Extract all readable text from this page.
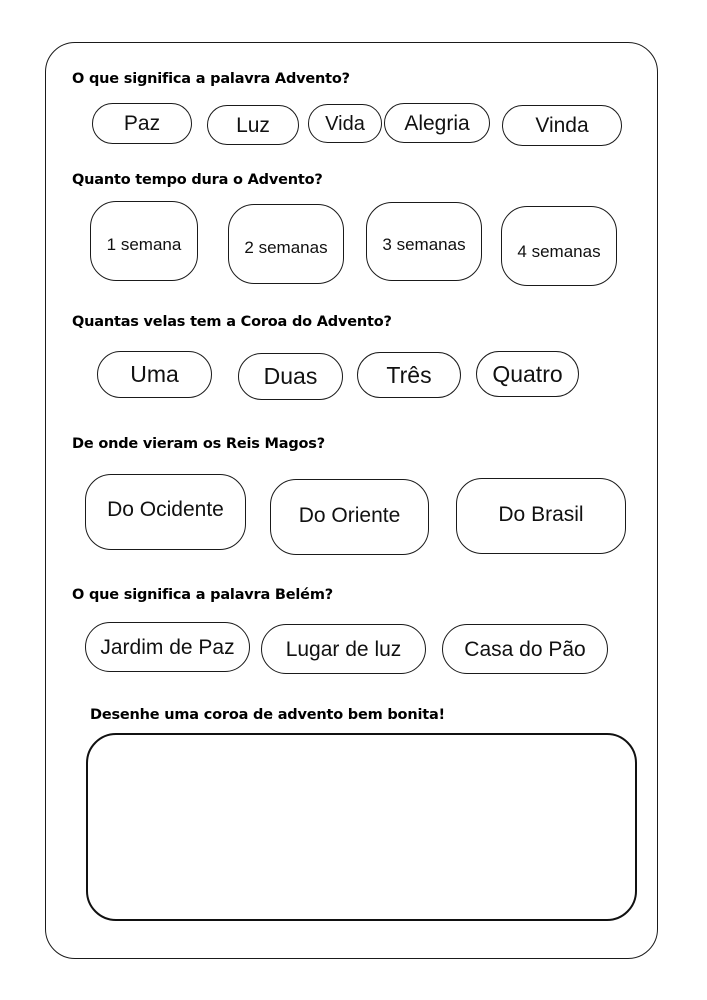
O que significa a palavra Advento?
Paz	Luz	Vida	Alegria	Vinda
Quanto tempo dura o Advento?
1 semana	2 semanas	3 semanas	4 semanas
Quantas velas tem a Coroa do Advento?
Uma	Duas	Três	Quatro
De onde vieram os Reis Magos?
Do Ocidente	Do Oriente	Do Brasil
O que significa a palavra Belém?
Jardim de Paz	Lugar de luz	Casa do Pão
Desenhe uma coroa de advento bem bonita!
